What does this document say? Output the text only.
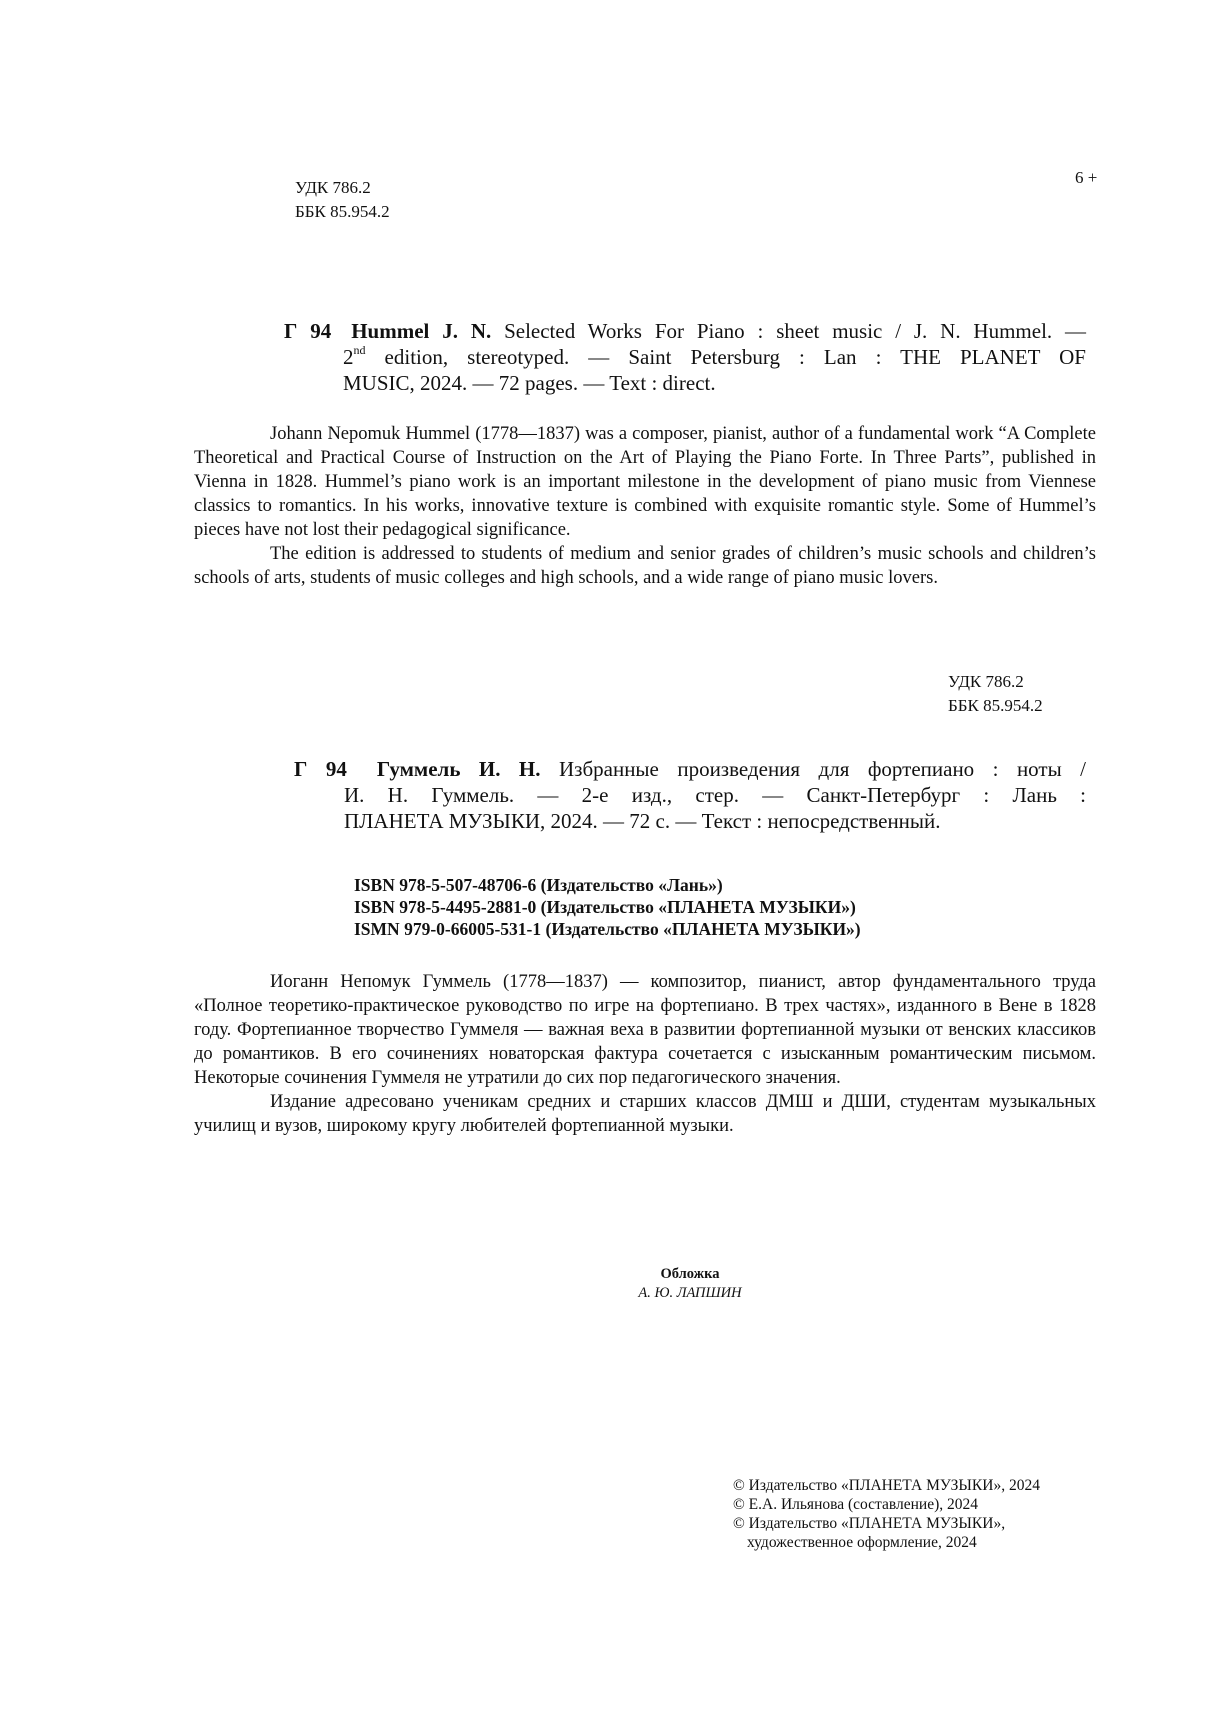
УДК 786.2
ББК 85.954.2
6 +
Г 94 Hummel J. N. Selected Works For Piano : sheet music / J. N. Hummel. —
2nd edition, stereotyped. — Saint Petersburg : Lan : THE PLANET OF
MUSIC, 2024. — 72 pages. — Text : direct.

Johann Nepomuk Hummel (1778—1837) was a composer, pianist, author of a fundamental work “A Complete Theoretical and Practical Course of Instruction on the Art of Playing the Piano Forte. In Three Parts”, published in Vienna in 1828. Hummel’s piano work is an important milestone in the development of piano music from Viennese classics to romantics. In his works, innovative texture is combined with exquisite romantic style. Some of Hummel’s pieces have not lost their pedagogical significance.

The edition is addressed to students of medium and senior grades of children’s music schools and children’s schools of arts, students of music colleges and high schools, and a wide range of piano music lovers.

УДК 786.2
ББК 85.954.2
Г 94 Гуммель И. Н. Избранные произведения для фортепиано : ноты /
И. Н. Гуммель. — 2-е изд., стер. — Санкт-Петербург : Лань :
ПЛАНЕТА МУЗЫКИ, 2024. — 72 с. — Текст : непосредственный.
ISBN 978-5-507-48706-6 (Издательство «Лань»)
ISBN 978-5-4495-2881-0 (Издательство «ПЛАНЕТА МУЗЫКИ»)
ISMN 979-0-66005-531-1 (Издательство «ПЛАНЕТА МУЗЫКИ»)

Иоганн Непомук Гуммель (1778—1837) — композитор, пианист, автор фундаментального труда «Полное теоретико-практическое руководство по игре на фортепиано. В трех частях», изданного в Вене в 1828 году. Фортепианное творчество Гуммеля — важная веха в развитии фортепианной музыки от венских классиков до романтиков. В его сочинениях новаторская фактура сочетается с изысканным романтическим письмом. Некоторые сочинения Гуммеля не утратили до сих пор педагогического значения.

Издание адресовано ученикам средних и старших классов ДМШ и ДШИ, студентам музыкальных училищ и вузов, широкому кругу любителей фортепианной музыки.

Обложка
А. Ю. ЛАПШИН
© Издательство «ПЛАНЕТА МУЗЫКИ», 2024
© Е.А. Ильянова (составление), 2024
© Издательство «ПЛАНЕТА МУЗЫКИ»,
художественное оформление, 2024
